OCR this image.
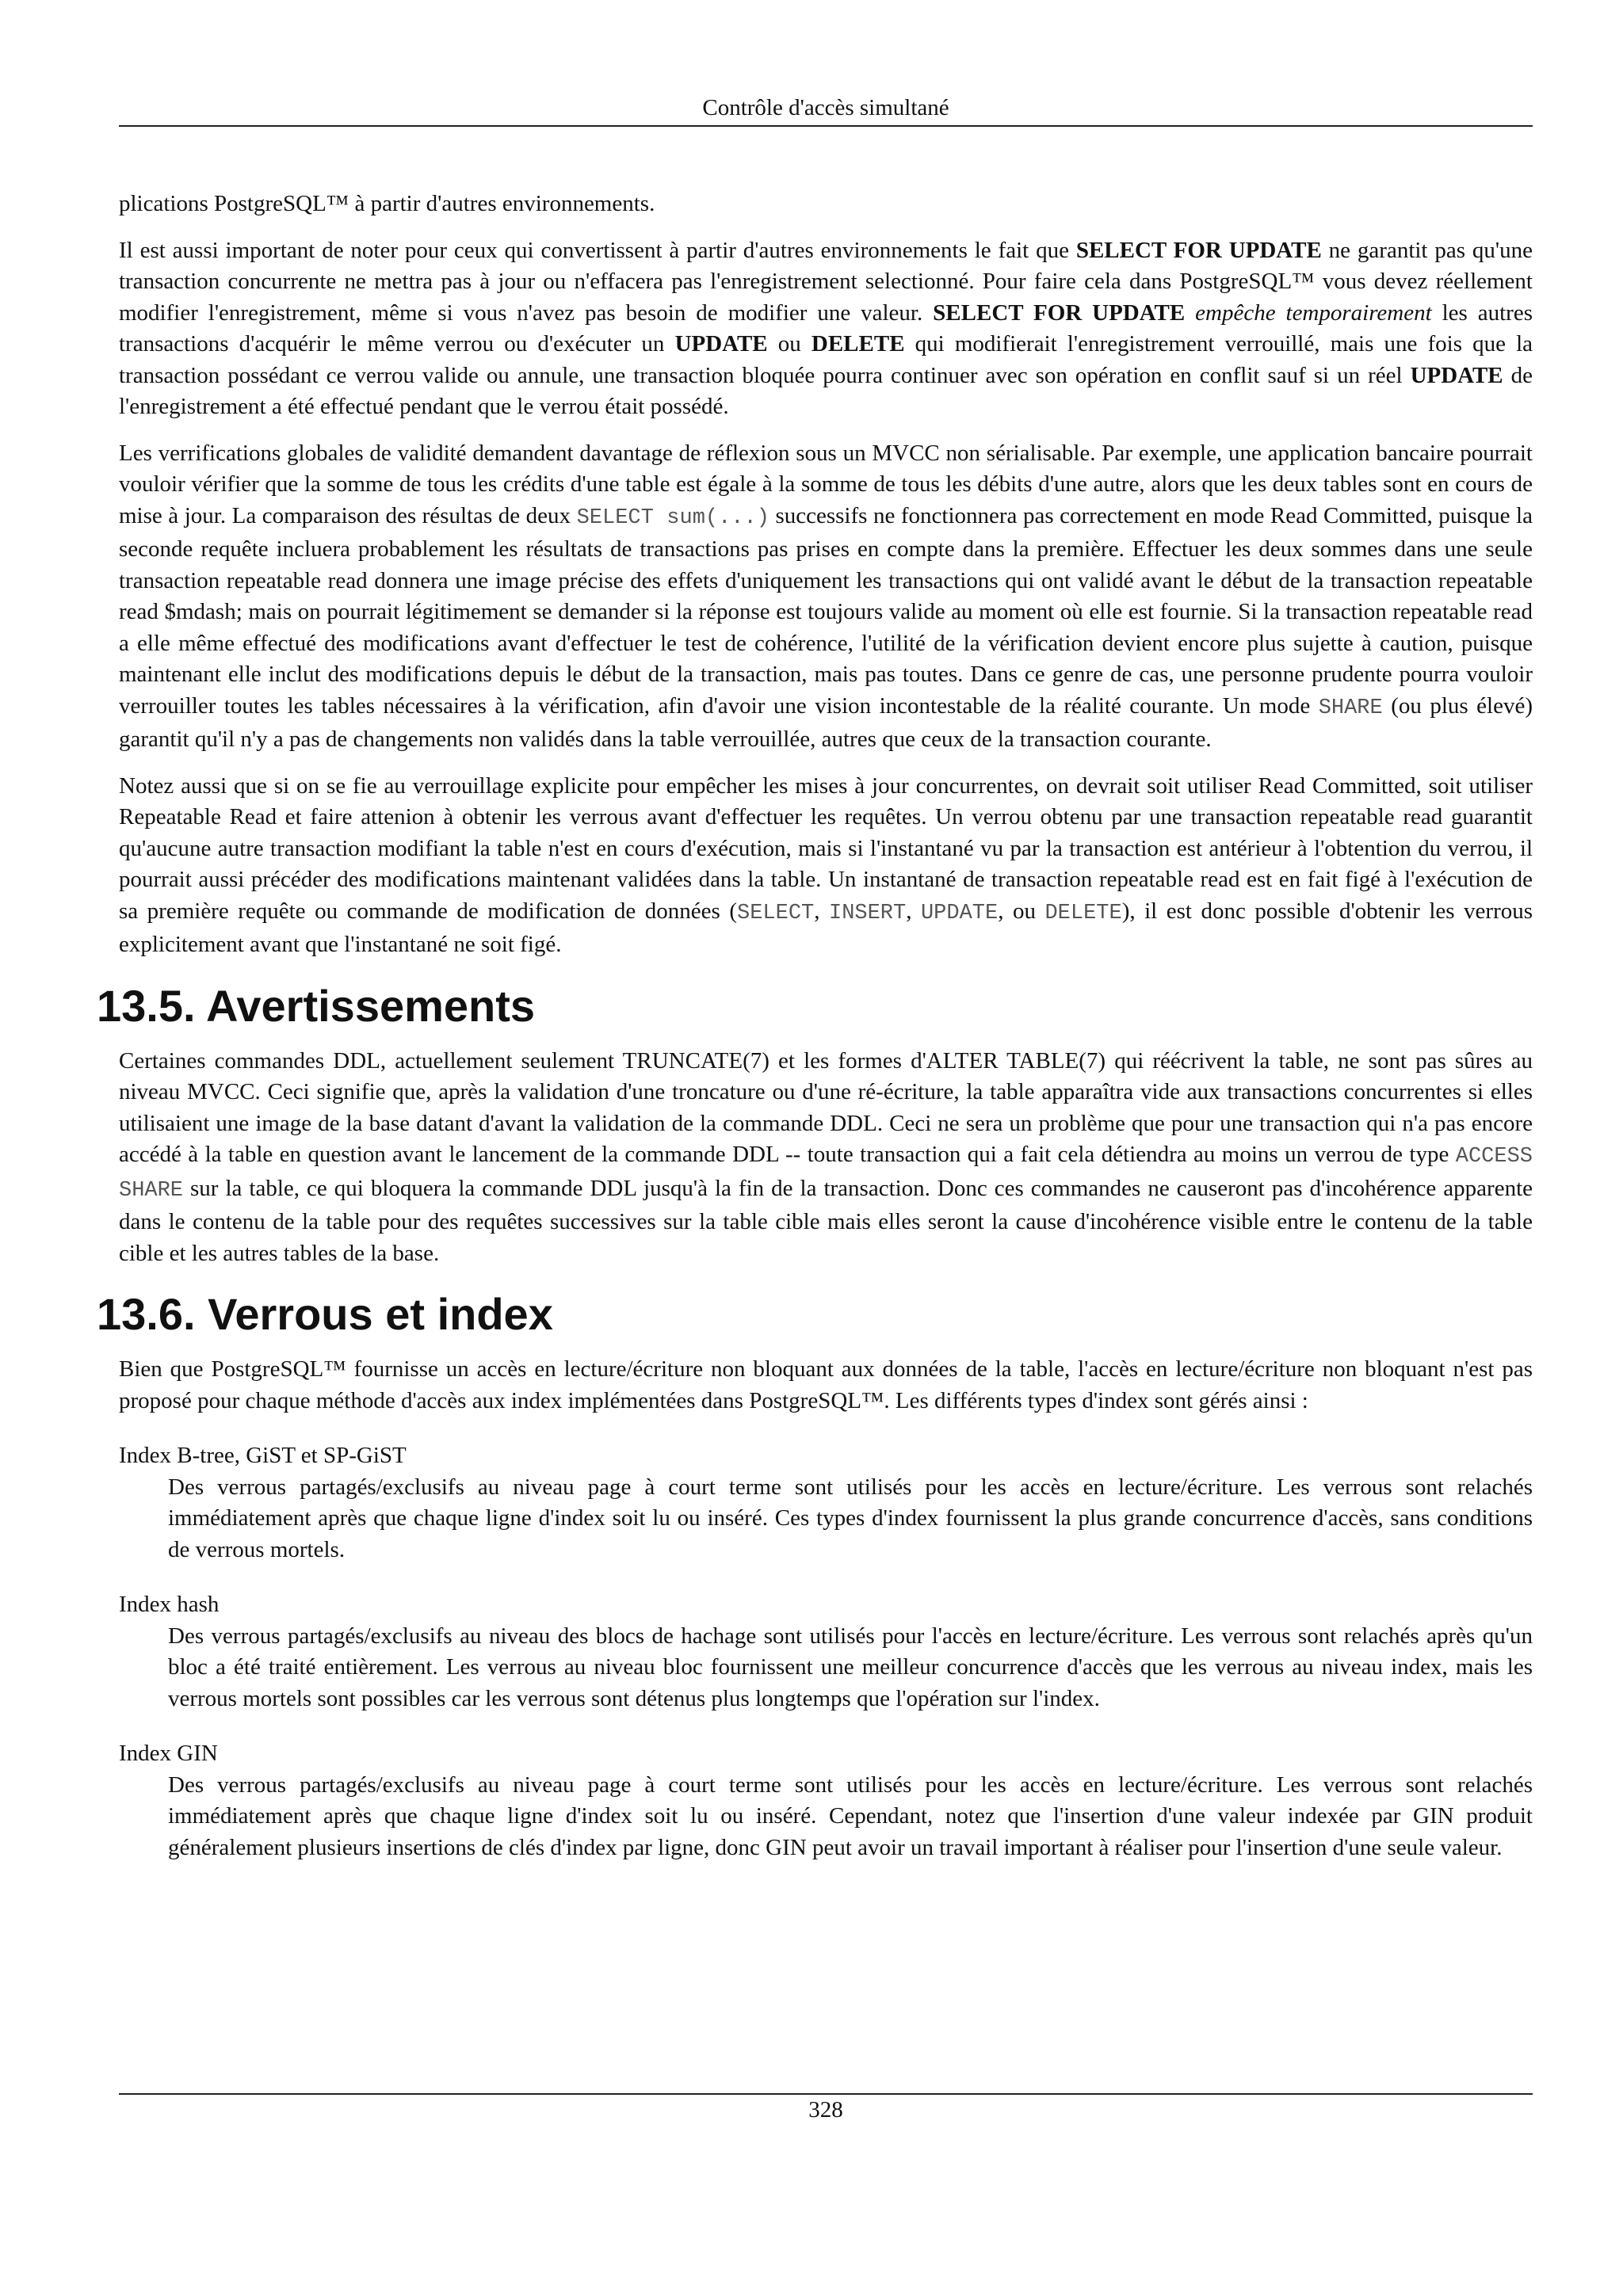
Contrôle d'accès simultané

plications PostgreSQL™ à partir d'autres environnements.

Il est aussi important de noter pour ceux qui convertissent à partir d'autres environnements le fait que SELECT FOR UPDATE ne garantit pas qu'une transaction concurrente ne mettra pas à jour ou n'effacera pas l'enregistrement selectionné. Pour faire cela dans PostgreSQL™ vous devez réellement modifier l'enregistrement, même si vous n'avez pas besoin de modifier une valeur. SELECT FOR UPDATE empêche temporairement les autres transactions d'acquérir le même verrou ou d'exécuter un UPDATE ou DELETE qui modifierait l'enregistrement verrouillé, mais une fois que la transaction possédant ce verrou valide ou annule, une transaction bloquée pourra continuer avec son opération en conflit sauf si un réel UPDATE de l'enregistrement a été effectué pendant que le verrou était possédé.

Les verrifications globales de validité demandent davantage de réflexion sous un MVCC non sérialisable. Par exemple, une application bancaire pourrait vouloir vérifier que la somme de tous les crédits d'une table est égale à la somme de tous les débits d'une autre, alors que les deux tables sont en cours de mise à jour. La comparaison des résultas de deux SELECT sum(...) successifs ne fonctionnera pas correctement en mode Read Committed, puisque la seconde requête incluera probablement les résultats de transactions pas prises en compte dans la première. Effectuer les deux sommes dans une seule transaction repeatable read donnera une image précise des effets d'uniquement les transactions qui ont validé avant le début de la transaction repeatable read $mdash; mais on pourrait légitimement se demander si la réponse est toujours valide au moment où elle est fournie. Si la transaction repeatable read a elle même effectué des modifications avant d'effectuer le test de cohérence, l'utilité de la vérification devient encore plus sujette à caution, puisque maintenant elle inclut des modifications depuis le début de la transaction, mais pas toutes. Dans ce genre de cas, une personne prudente pourra vouloir verrouiller toutes les tables nécessaires à la vérification, afin d'avoir une vision incontestable de la réalité courante. Un mode SHARE (ou plus élevé) garantit qu'il n'y a pas de changements non validés dans la table verrouillée, autres que ceux de la transaction courante.

Notez aussi que si on se fie au verrouillage explicite pour empêcher les mises à jour concurrentes, on devrait soit utiliser Read Committed, soit utiliser Repeatable Read et faire attenion à obtenir les verrous avant d'effectuer les requêtes. Un verrou obtenu par une transaction repeatable read guarantit qu'aucune autre transaction modifiant la table n'est en cours d'exécution, mais si l'instantané vu par la transaction est antérieur à l'obtention du verrou, il pourrait aussi précéder des modifications maintenant validées dans la table. Un instantané de transaction repeatable read est en fait figé à l'exécution de sa première requête ou commande de modification de données (SELECT, INSERT, UPDATE, ou DELETE), il est donc possible d'obtenir les verrous explicitement avant que l'instantané ne soit figé.

13.5. Avertissements

Certaines commandes DDL, actuellement seulement TRUNCATE(7) et les formes d'ALTER TABLE(7) qui réécrivent la table, ne sont pas sûres au niveau MVCC. Ceci signifie que, après la validation d'une troncature ou d'une ré-écriture, la table apparaîtra vide aux transactions concurrentes si elles utilisaient une image de la base datant d'avant la validation de la commande DDL. Ceci ne sera un problème que pour une transaction qui n'a pas encore accédé à la table en question avant le lancement de la commande DDL -- toute transaction qui a fait cela détiendra au moins un verrou de type ACCESS SHARE sur la table, ce qui bloquera la commande DDL jusqu'à la fin de la transaction. Donc ces commandes ne causeront pas d'incohérence apparente dans le contenu de la table pour des requêtes successives sur la table cible mais elles seront la cause d'incohérence visible entre le contenu de la table cible et les autres tables de la base.

13.6. Verrous et index

Bien que PostgreSQL™ fournisse un accès en lecture/écriture non bloquant aux données de la table, l'accès en lecture/écriture non bloquant n'est pas proposé pour chaque méthode d'accès aux index implémentées dans PostgreSQL™. Les différents types d'index sont gérés ainsi :

Index B-tree, GiST et SP-GiST
Des verrous partagés/exclusifs au niveau page à court terme sont utilisés pour les accès en lecture/écriture. Les verrous sont relachés immédiatement après que chaque ligne d'index soit lu ou inséré. Ces types d'index fournissent la plus grande concurrence d'accès, sans conditions de verrous mortels.
Index hash
Des verrous partagés/exclusifs au niveau des blocs de hachage sont utilisés pour l'accès en lecture/écriture. Les verrous sont relachés après qu'un bloc a été traité entièrement. Les verrous au niveau bloc fournissent une meilleur concurrence d'accès que les verrous au niveau index, mais les verrous mortels sont possibles car les verrous sont détenus plus longtemps que l'opération sur l'index.
Index GIN
Des verrous partagés/exclusifs au niveau page à court terme sont utilisés pour les accès en lecture/écriture. Les verrous sont relachés immédiatement après que chaque ligne d'index soit lu ou inséré. Cependant, notez que l'insertion d'une valeur indexée par GIN produit généralement plusieurs insertions de clés d'index par ligne, donc GIN peut avoir un travail important à réaliser pour l'insertion d'une seule valeur.
328
